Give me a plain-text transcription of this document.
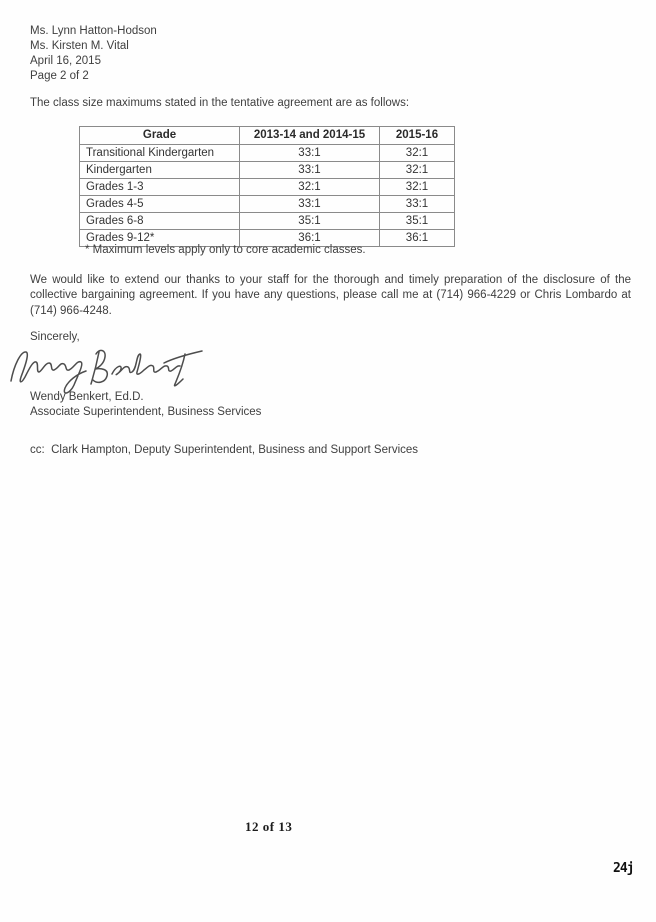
Ms. Lynn Hatton-Hodson
Ms. Kirsten M. Vital
April 16, 2015
Page 2 of 2
The class size maximums stated in the tentative agreement are as follows:
Grade	2013-14 and 2014-15	2015-16
Transitional Kindergarten	33:1	32:1
Kindergarten	33:1	32:1
Grades 1-3	32:1	32:1
Grades 4-5	33:1	33:1
Grades 6-8	35:1	35:1
Grades 9-12*	36:1	36:1
* Maximum levels apply only to core academic classes.
We would like to extend our thanks to your staff for the thorough and timely preparation of the disclosure of the collective bargaining agreement. If you have any questions, please call me at (714) 966-4229 or Chris Lombardo at (714) 966-4248.
Sincerely,
Wendy Benkert, Ed.D.
Associate Superintendent, Business Services
cc: Clark Hampton, Deputy Superintendent, Business and Support Services
12 of 13
24j
